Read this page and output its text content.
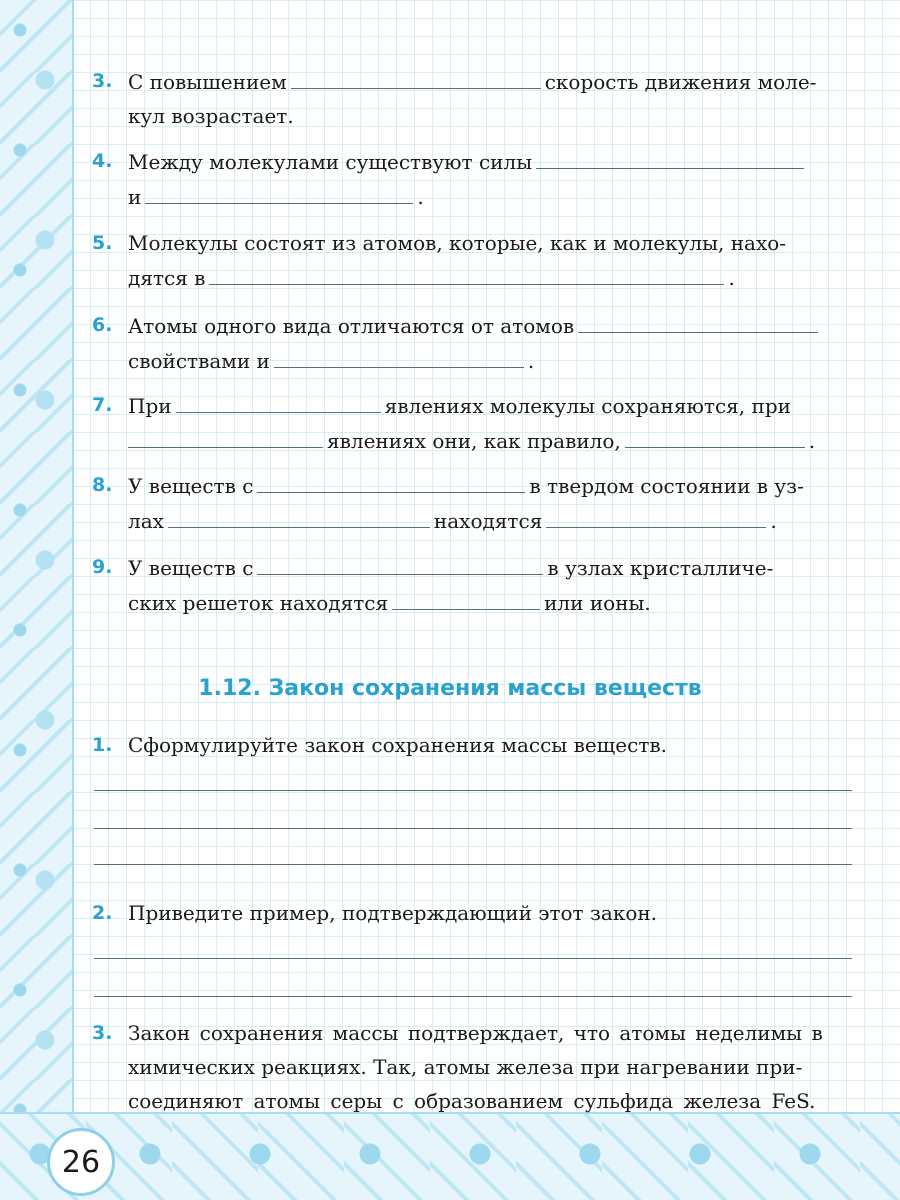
3. С повышением	скорость движения моле-
кул возрастает.
4. Между молекулами существуют силы
и	.
5. Молекулы состоят из атомов, которые, как и молекулы, нахо-
дятся в	.
6. Атомы одного вида отличаются от атомов
свойствами и	.
7. При	явлениях молекулы сохраняются, при
явлениях они, как правило,	.
8. У веществ с	в твердом состоянии в уз-
лах	находятся	.
9. У веществ с	в узлах кристалличе-
ских решеток находятся	или ионы.
1.12. Закон сохранения массы веществ
1. Сформулируйте закон сохранения массы веществ.
2. Приведите пример, подтверждающий этот закон.
3. Закон сохранения массы подтверждает, что атомы неделимы в
химических реакциях. Так, атомы железа при нагревании при-
соединяют атомы серы с образованием сульфида железа FeS.
26
